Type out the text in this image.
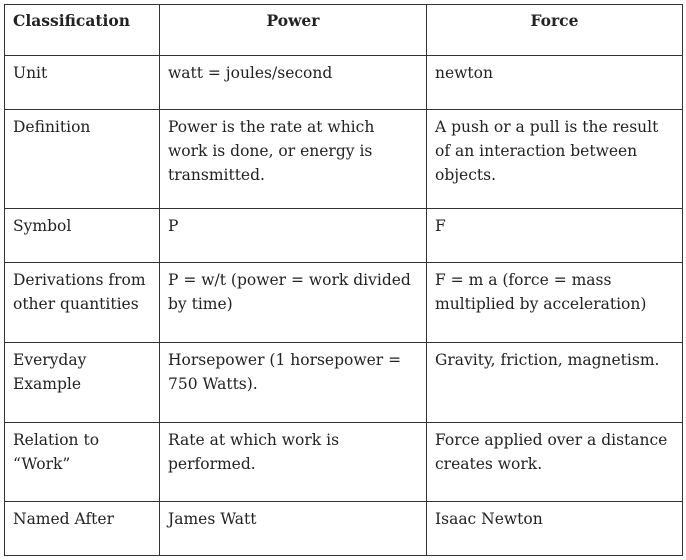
Classification	Power	Force
Unit	watt = joules/second	newton
Definition	Power is the rate at which work is done, or energy is transmitted.	A push or a pull is the result of an interaction between objects.
Symbol	P	F
Derivations from other quantities	P = w/t (power = work divided by time)	F = m a (force = mass multiplied by acceleration)
Everyday Example	Horsepower (1 horsepower = 750 Watts).	Gravity, friction, magnetism.
Relation to “Work”	Rate at which work is performed.	Force applied over a distance creates work.
Named After	James Watt	Isaac Newton
